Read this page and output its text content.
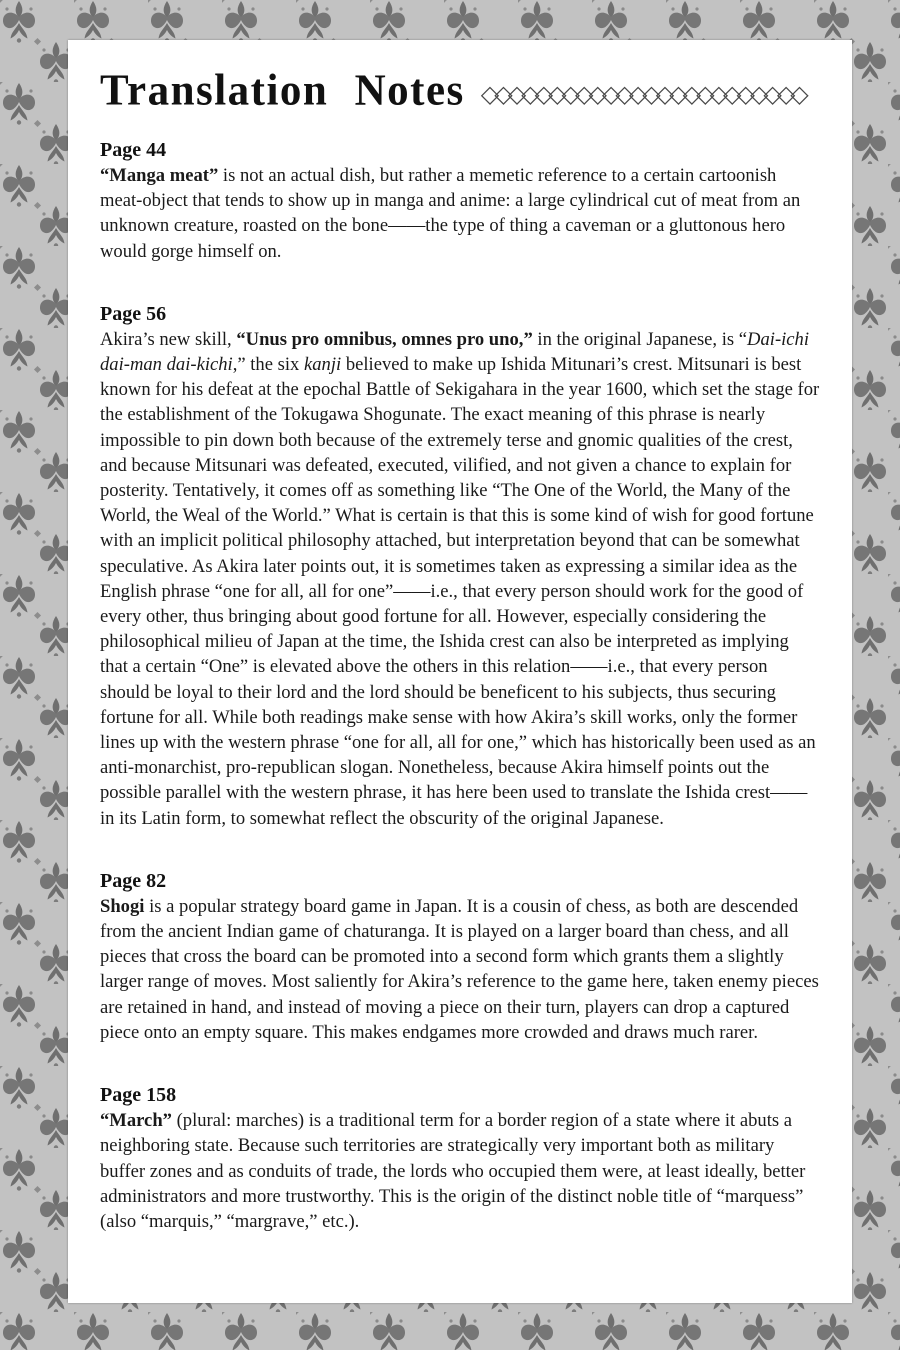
Translation Notes ◇◇◇◇◇◇◇◇◇◇◇◇◇◇◇◇◇◇◇◇◇◇◇◇
Page 44

“Manga meat” is not an actual dish, but rather a memetic reference to a certain cartoonish meat-object that tends to show up in manga and anime: a large cylindrical cut of meat from an unknown creature, roasted on the bone——the type of thing a caveman or a gluttonous hero would gorge himself on.

Page 56

Akira’s new skill, “Unus pro omnibus, omnes pro uno,” in the original Japanese, is “Dai-ichi dai-man dai-kichi,” the six kanji believed to make up Ishida Mitunari’s crest. Mitsunari is best known for his defeat at the epochal Battle of Sekigahara in the year 1600, which set the stage for the establishment of the Tokugawa Shogunate. The exact meaning of this phrase is nearly impossible to pin down both because of the extremely terse and gnomic qualities of the crest, and because Mitsunari was defeated, executed, vilified, and not given a chance to explain for posterity. Tentatively, it comes off as something like “The One of the World, the Many of the World, the Weal of the World.” What is certain is that this is some kind of wish for good fortune with an implicit political philosophy attached, but interpretation beyond that can be somewhat speculative. As Akira later points out, it is sometimes taken as expressing a similar idea as the English phrase “one for all, all for one”——i.e., that every person should work for the good of every other, thus bringing about good fortune for all. However, especially considering the philosophical milieu of Japan at the time, the Ishida crest can also be interpreted as implying that a certain “One” is elevated above the others in this relation——i.e., that every person should be loyal to their lord and the lord should be beneficent to his subjects, thus securing fortune for all. While both readings make sense with how Akira’s skill works, only the former lines up with the western phrase “one for all, all for one,” which has historically been used as an anti-monarchist, pro-republican slogan. Nonetheless, because Akira himself points out the possible parallel with the western phrase, it has here been used to translate the Ishida crest——in its Latin form, to somewhat reflect the obscurity of the original Japanese.

Page 82

Shogi is a popular strategy board game in Japan. It is a cousin of chess, as both are descended from the ancient Indian game of chaturanga. It is played on a larger board than chess, and all pieces that cross the board can be promoted into a second form which grants them a slightly larger range of moves. Most saliently for Akira’s reference to the game here, taken enemy pieces are retained in hand, and instead of moving a piece on their turn, players can drop a captured piece onto an empty square. This makes endgames more crowded and draws much rarer.

Page 158

“March” (plural: marches) is a traditional term for a border region of a state where it abuts a neighboring state. Because such territories are strategically very important both as military buffer zones and as conduits of trade, the lords who occupied them were, at least ideally, better administrators and more trustworthy. This is the origin of the distinct noble title of “marquess” (also “marquis,” “margrave,” etc.).
